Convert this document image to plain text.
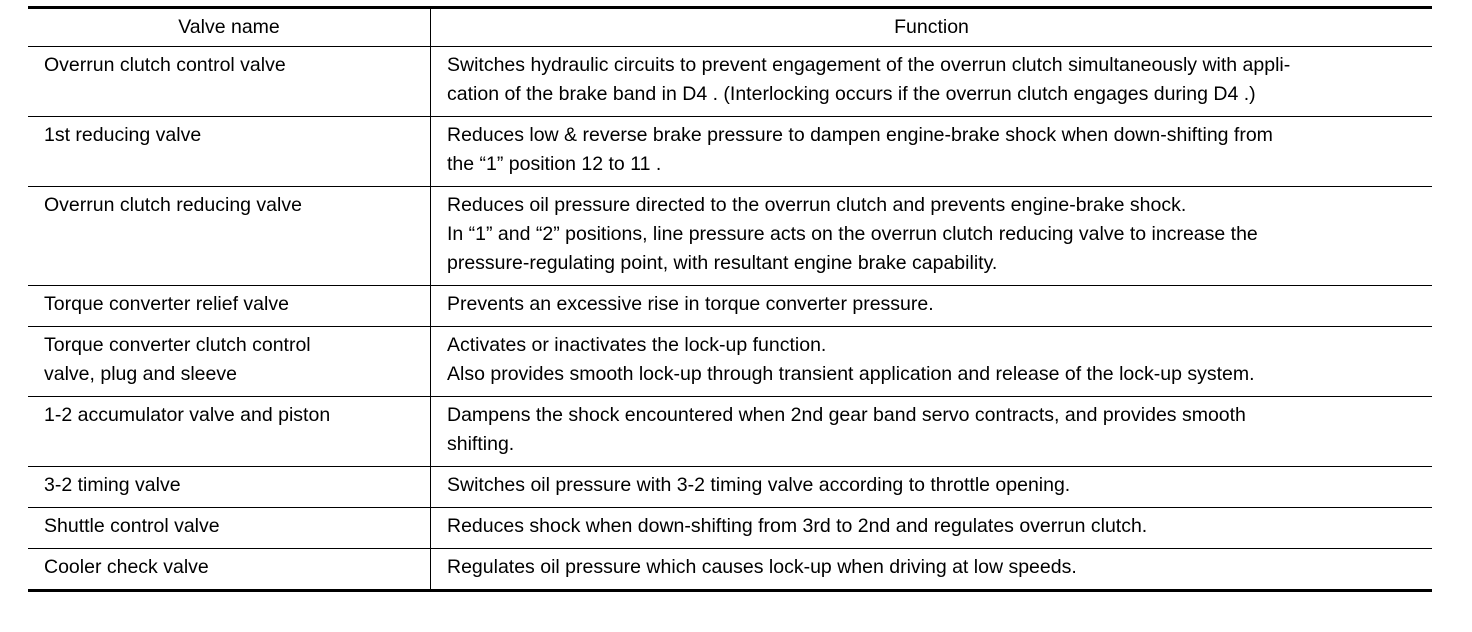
Valve name	Function

Overrun clutch control valve	Switches hydraulic circuits to prevent engagement of the overrun clutch simultaneously with appli-
cation of the brake band in D4 . (Interlocking occurs if the overrun clutch engages during D4 .)

1st reducing valve	Reduces low & reverse brake pressure to dampen engine-brake shock when down-shifting from
the “1” position 12 to 11 .

Overrun clutch reducing valve	Reduces oil pressure directed to the overrun clutch and prevents engine-brake shock.
In “1” and “2” positions, line pressure acts on the overrun clutch reducing valve to increase the
pressure-regulating point, with resultant engine brake capability.

Torque converter relief valve	Prevents an excessive rise in torque converter pressure.

Torque converter clutch control
valve, plug and sleeve	Activates or inactivates the lock-up function.
Also provides smooth lock-up through transient application and release of the lock-up system.

1-2 accumulator valve and piston	Dampens the shock encountered when 2nd gear band servo contracts, and provides smooth
shifting.

3-2 timing valve	Switches oil pressure with 3-2 timing valve according to throttle opening.

Shuttle control valve	Reduces shock when down-shifting from 3rd to 2nd and regulates overrun clutch.

Cooler check valve	Regulates oil pressure which causes lock-up when driving at low speeds.
